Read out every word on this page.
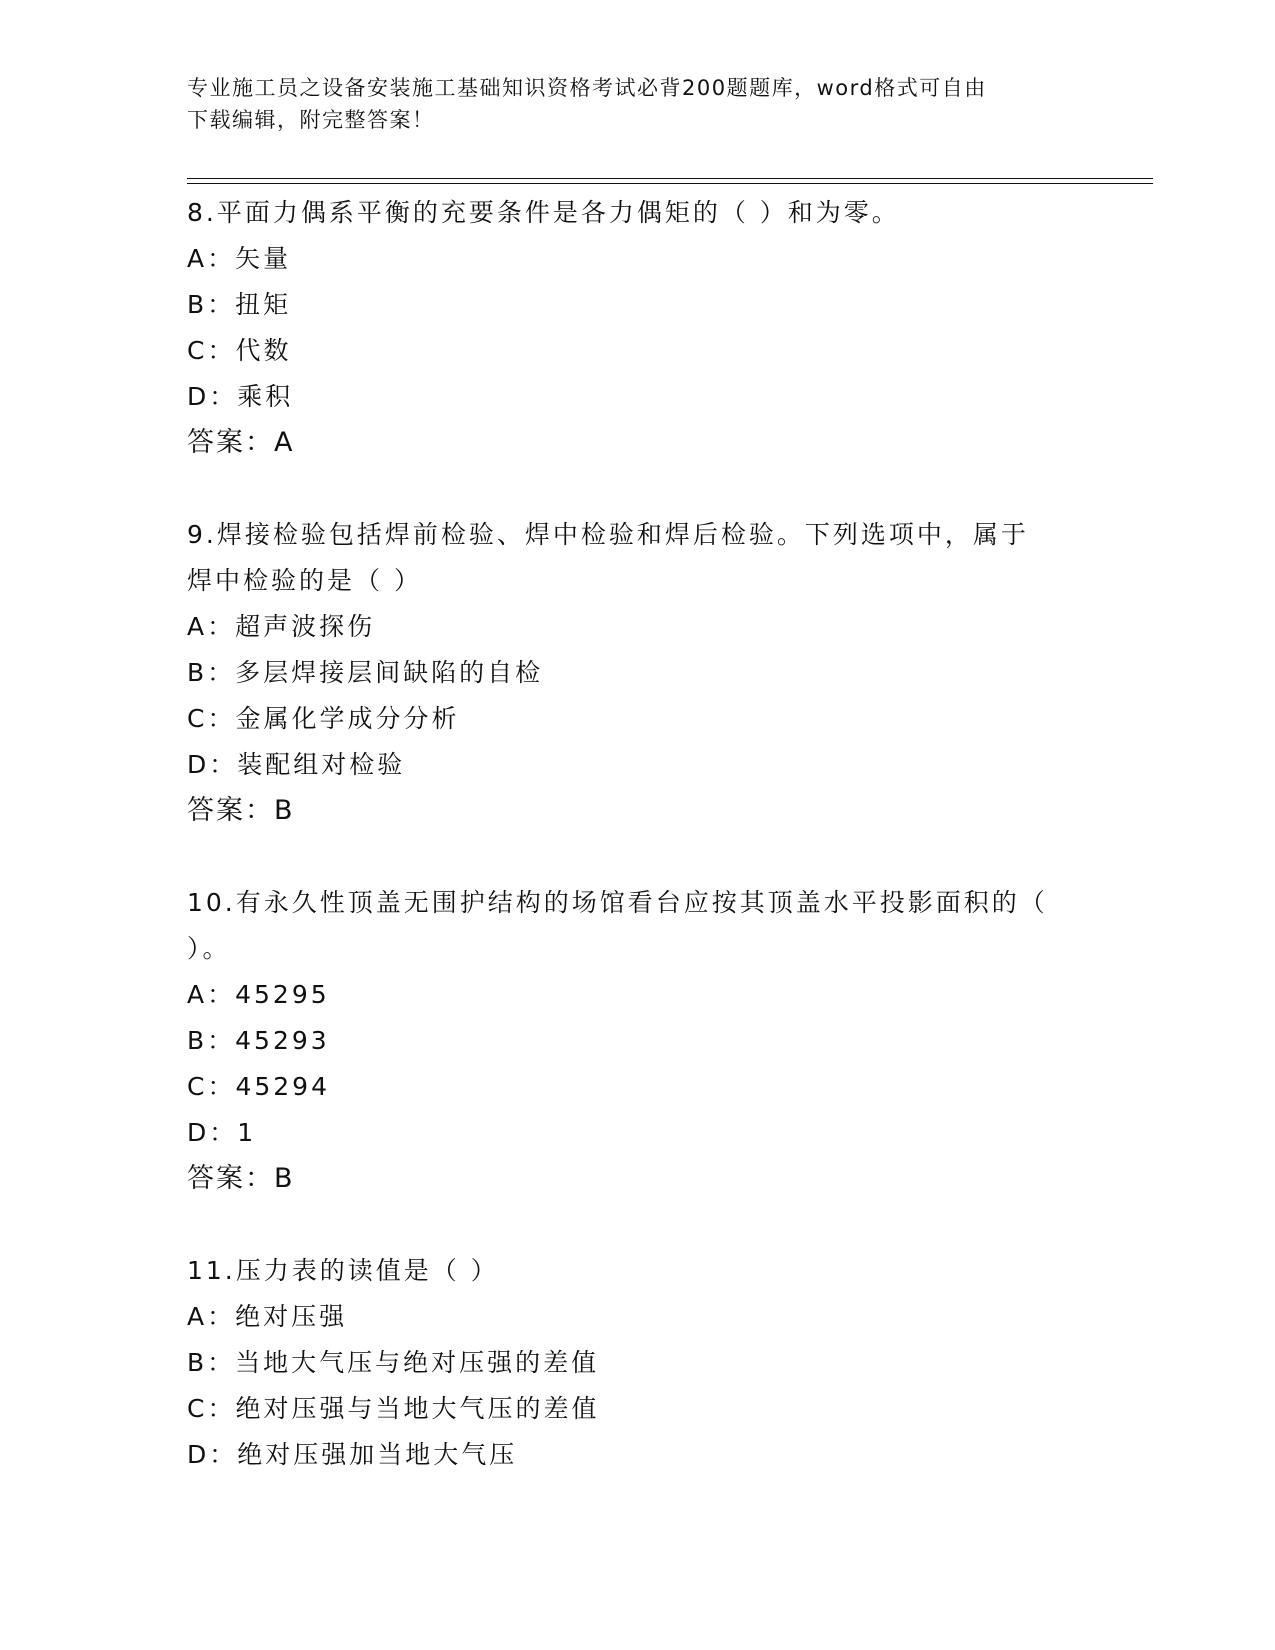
专业施工员之设备安装施工基础知识资格考试必背200题题库，word格式可自由
下载编辑，附完整答案！
8.平面力偶系平衡的充要条件是各力偶矩的（ ）和为零。
A：矢量
B：扭矩
C：代数
D：乘积
答案：A
9.焊接检验包括焊前检验、焊中检验和焊后检验。下列选项中，属于
焊中检验的是（ ）
A：超声波探伤
B：多层焊接层间缺陷的自检
C：金属化学成分分析
D：装配组对检验
答案：B
10.有永久性顶盖无围护结构的场馆看台应按其顶盖水平投影面积的（
）。
A：45295
B：45293
C：45294
D：1
答案：B
11.压力表的读值是（ ）
A：绝对压强
B：当地大气压与绝对压强的差值
C：绝对压强与当地大气压的差值
D：绝对压强加当地大气压
